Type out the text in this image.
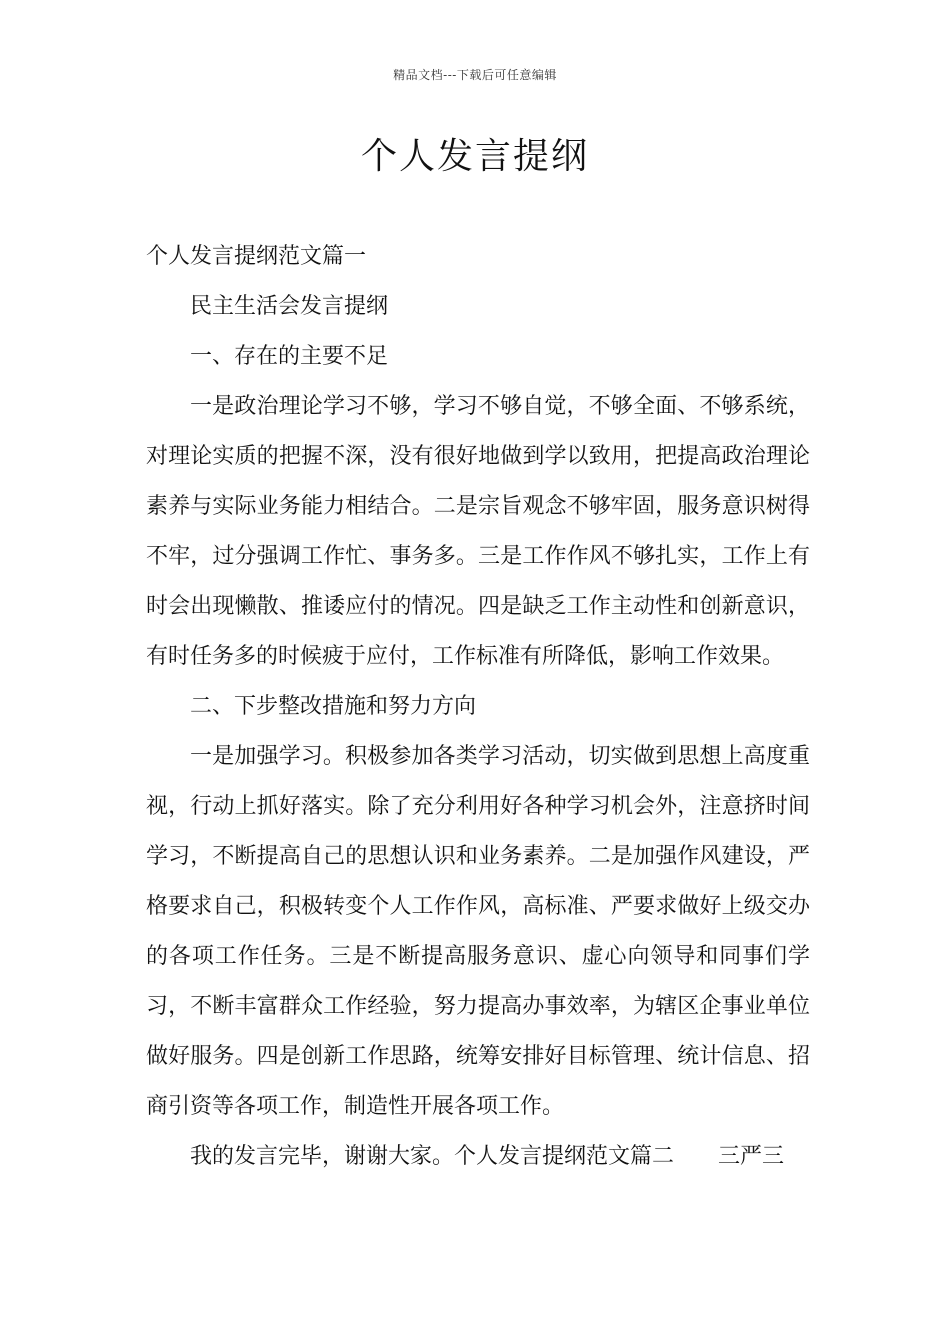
精品文档---下载后可任意编辑
个人发言提纲

个人发言提纲范文篇一

民主生活会发言提纲

一、存在的主要不足

一是政治理论学习不够，学习不够自觉，不够全面、不够系统，对理论实质的把握不深，没有很好地做到学以致用，把提高政治理论素养与实际业务能力相结合。二是宗旨观念不够牢固，服务意识树得不牢，过分强调工作忙、事务多。三是工作作风不够扎实，工作上有时会出现懒散、推诿应付的情况。四是缺乏工作主动性和创新意识，有时任务多的时候疲于应付，工作标准有所降低，影响工作效果。

二、下步整改措施和努力方向

一是加强学习。积极参加各类学习活动，切实做到思想上高度重视，行动上抓好落实。除了充分利用好各种学习机会外，注意挤时间学习，不断提高自己的思想认识和业务素养。二是加强作风建设，严格要求自己，积极转变个人工作作风，高标准、严要求做好上级交办的各项工作任务。三是不断提高服务意识、虚心向领导和同事们学习，不断丰富群众工作经验，努力提高办事效率，为辖区企事业单位做好服务。四是创新工作思路，统筹安排好目标管理、统计信息、招商引资等各项工作，制造性开展各项工作。

我的发言完毕，谢谢大家。个人发言提纲范文篇二 三严三
